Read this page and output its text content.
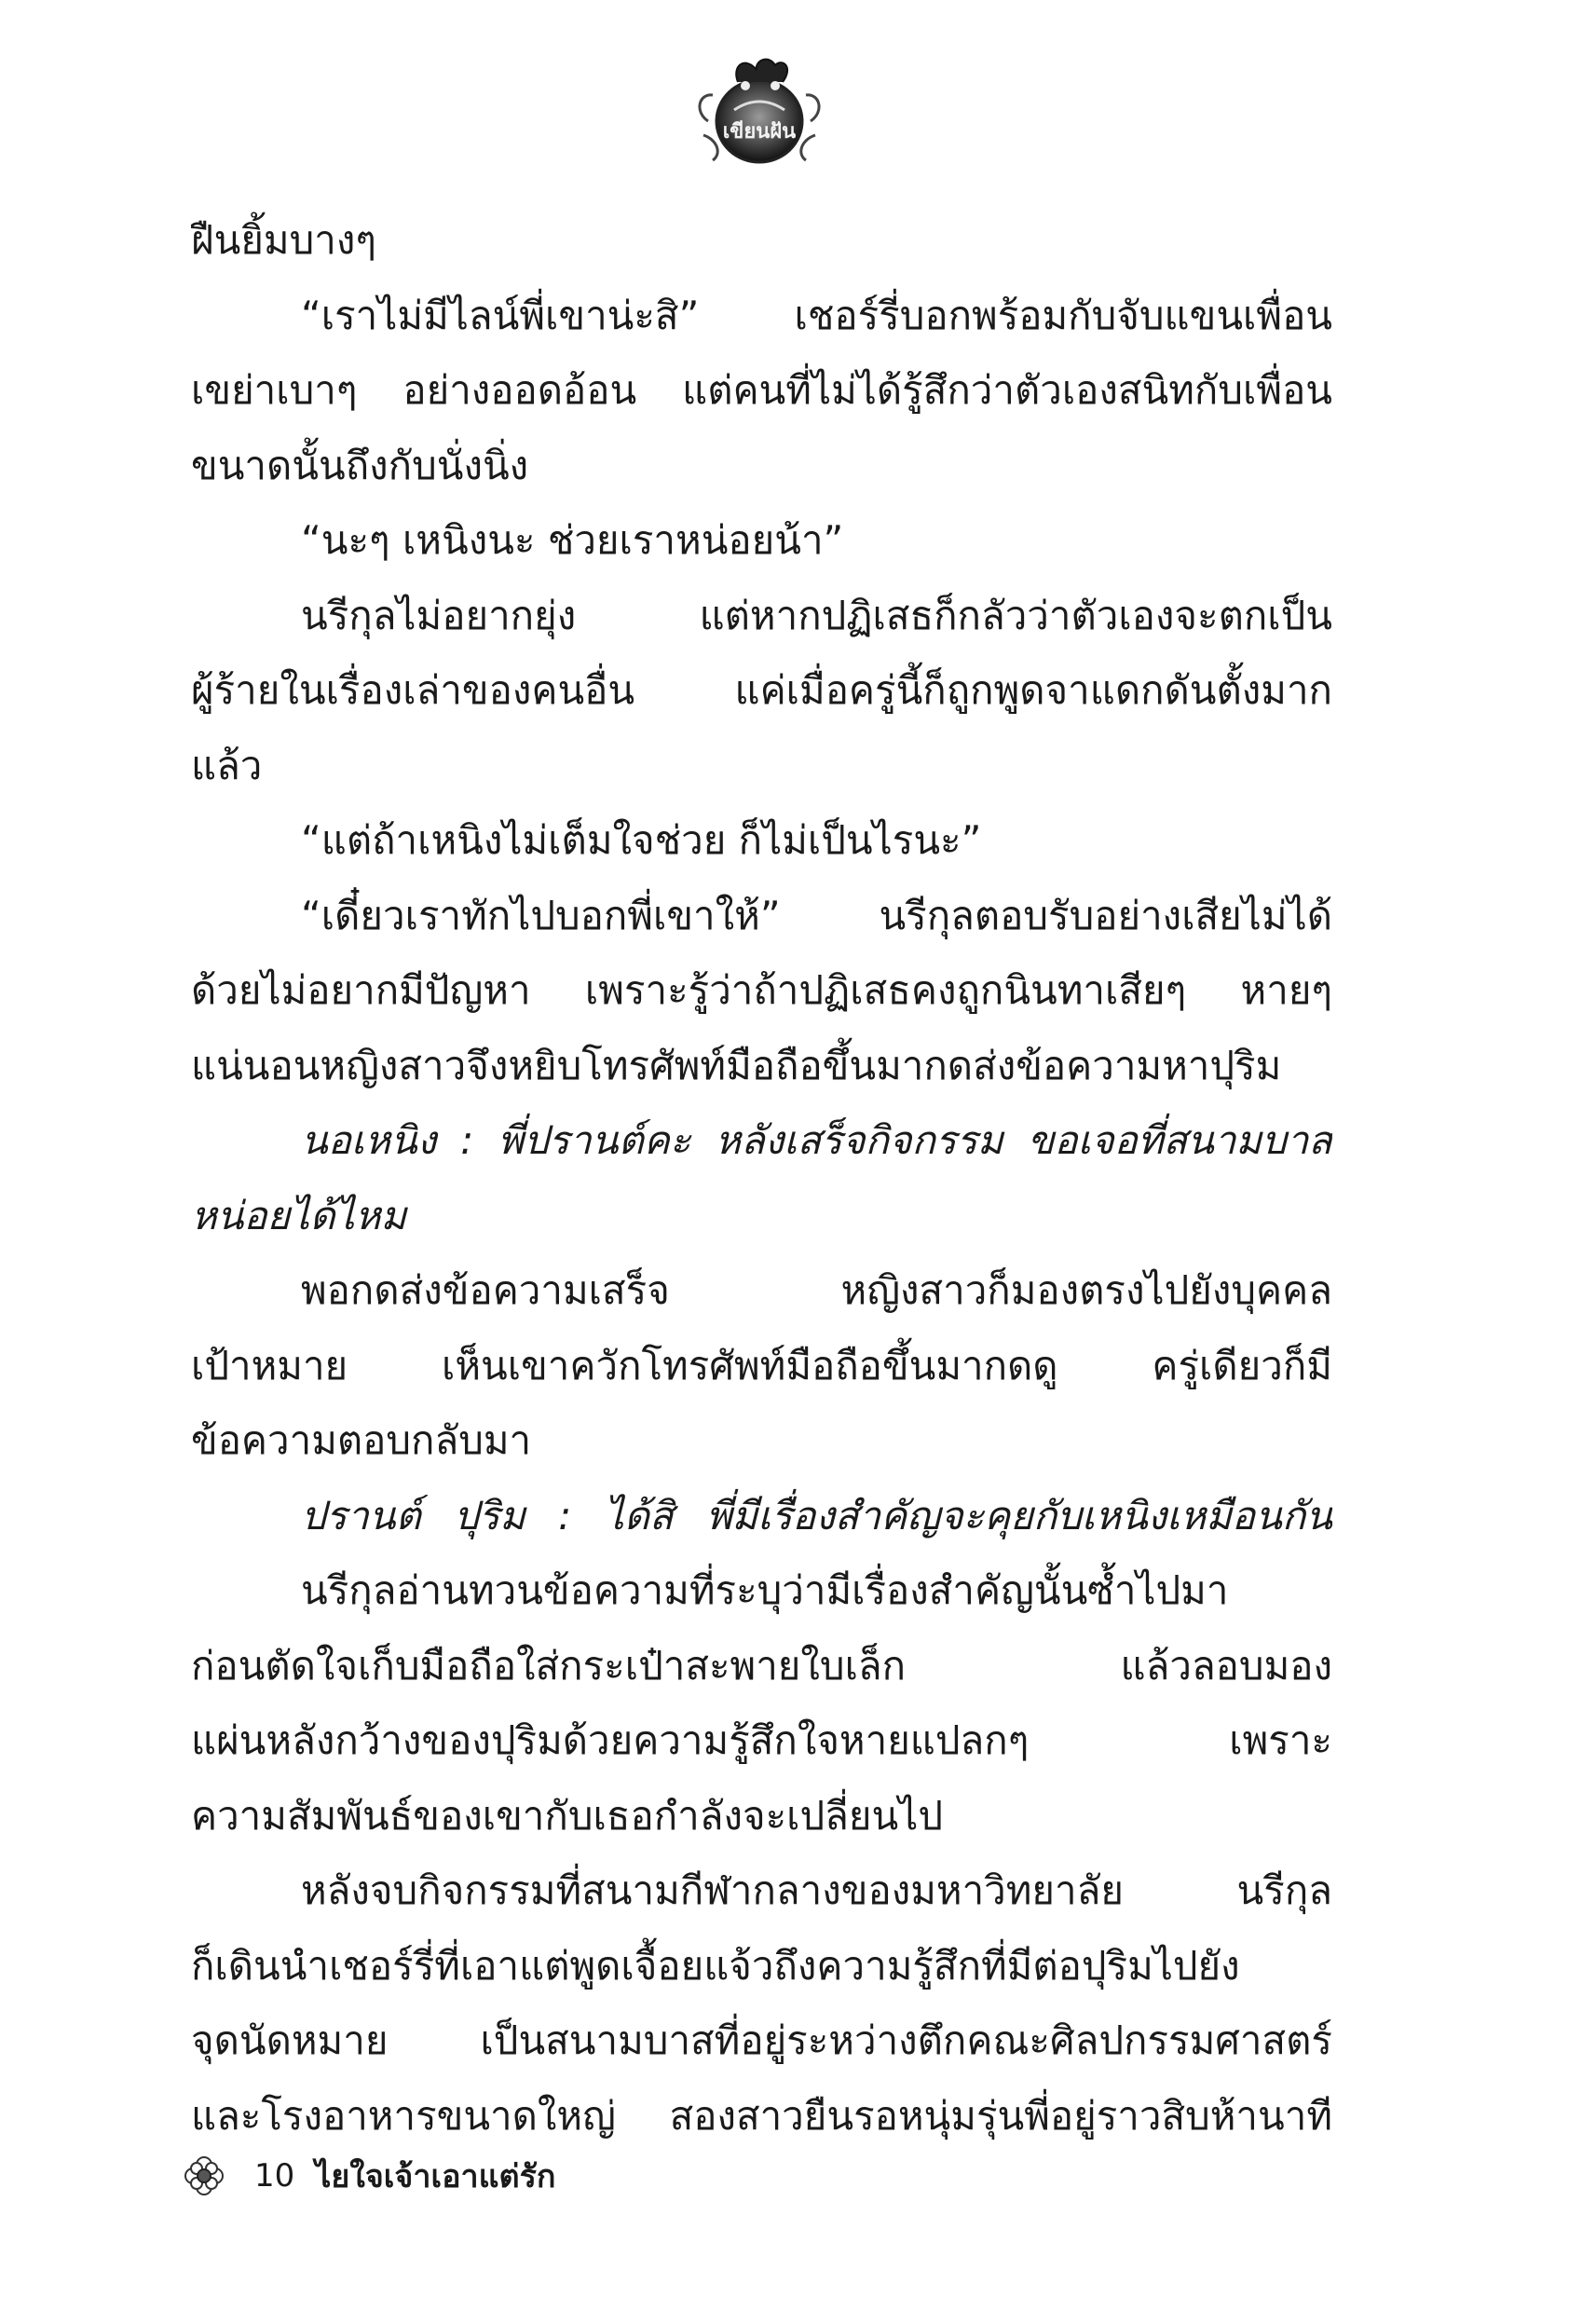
เขียนฝัน
ฝืนยิ้มบางๆ
“เราไม่มีไลน์พี่เขาน่ะสิ” เชอร์รี่บอกพร้อมกับจับแขนเพื่อน
เขย่าเบาๆ อย่างออดอ้อน แต่คนที่ไม่ได้รู้สึกว่าตัวเองสนิทกับเพื่อน
ขนาดนั้นถึงกับนั่งนิ่ง
“นะๆ เหนิงนะ ช่วยเราหน่อยน้า”
นรีกุลไม่อยากยุ่ง แต่หากปฏิเสธก็กลัวว่าตัวเองจะตกเป็น
ผู้ร้ายในเรื่องเล่าของคนอื่น แค่เมื่อครู่นี้ก็ถูกพูดจาแดกดันตั้งมาก
แล้ว
“แต่ถ้าเหนิงไม่เต็มใจช่วย ก็ไม่เป็นไรนะ”
“เดี๋ยวเราทักไปบอกพี่เขาให้” นรีกุลตอบรับอย่างเสียไม่ได้
ด้วยไม่อยากมีปัญหา เพราะรู้ว่าถ้าปฏิเสธคงถูกนินทาเสียๆ หายๆ
แน่นอนหญิงสาวจึงหยิบโทรศัพท์มือถือขึ้นมากดส่งข้อความหาปุริม
นอเหนิง : พี่ปรานต์คะ หลังเสร็จกิจกรรม ขอเจอที่สนามบาส
หน่อยได้ไหม
พอกดส่งข้อความเสร็จ หญิงสาวก็มองตรงไปยังบุคคล
เป้าหมาย เห็นเขาควักโทรศัพท์มือถือขึ้นมากดดู ครู่เดียวก็มี
ข้อความตอบกลับมา
ปรานต์ ปุริม : ได้สิ พี่มีเรื่องสำคัญจะคุยกับเหนิงเหมือนกัน
นรีกุลอ่านทวนข้อความที่ระบุว่ามีเรื่องสำคัญนั้นซ้ำไปมา
ก่อนตัดใจเก็บมือถือใส่กระเป๋าสะพายใบเล็ก แล้วลอบมอง
แผ่นหลังกว้างของปุริมด้วยความรู้สึกใจหายแปลกๆ เพราะ
ความสัมพันธ์ของเขากับเธอกำลังจะเปลี่ยนไป
หลังจบกิจกรรมที่สนามกีฬากลางของมหาวิทยาลัย นรีกุล
ก็เดินนำเชอร์รี่ที่เอาแต่พูดเจื้อยแจ้วถึงความรู้สึกที่มีต่อปุริมไปยัง
จุดนัดหมาย เป็นสนามบาสที่อยู่ระหว่างตึกคณะศิลปกรรมศาสตร์
และโรงอาหารขนาดใหญ่ สองสาวยืนรอหนุ่มรุ่นพี่อยู่ราวสิบห้านาที
10 ไยใจเจ้าเอาแต่รัก
